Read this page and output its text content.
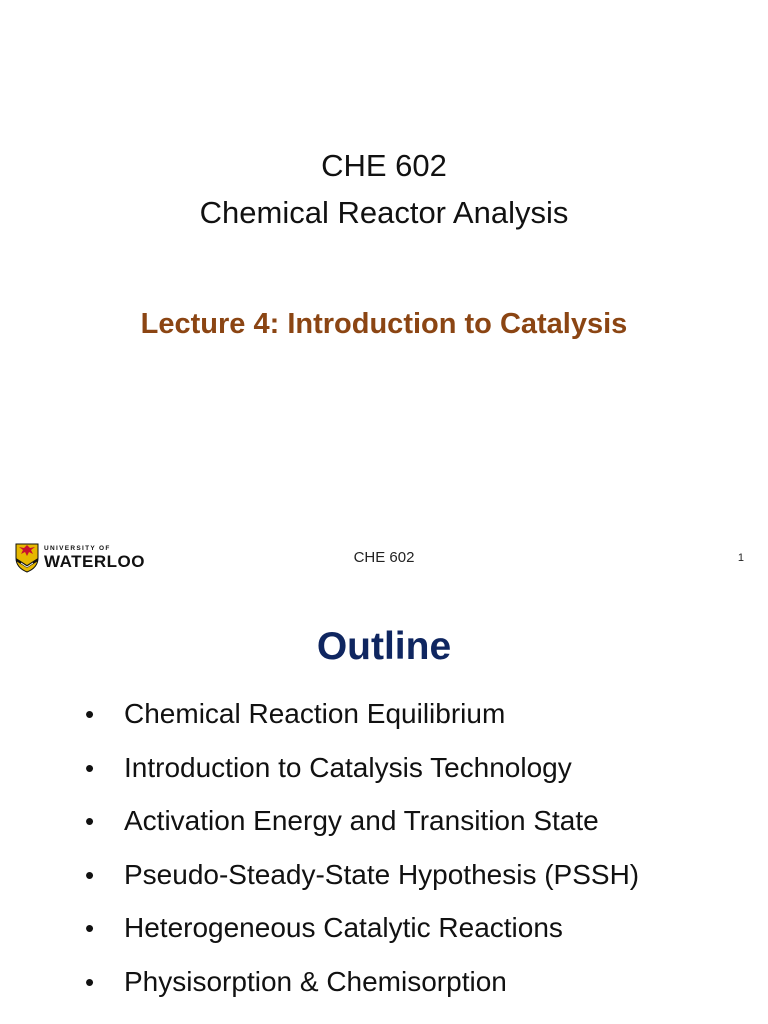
CHE 602
Chemical Reactor Analysis
Lecture 4: Introduction to Catalysis
UNIVERSITY OF
WATERLOO	CHE 602	1
Outline
• Chemical Reaction Equilibrium
• Introduction to Catalysis Technology
• Activation Energy and Transition State
• Pseudo-Steady-State Hypothesis (PSSH)
• Heterogeneous Catalytic Reactions
• Physisorption & Chemisorption
